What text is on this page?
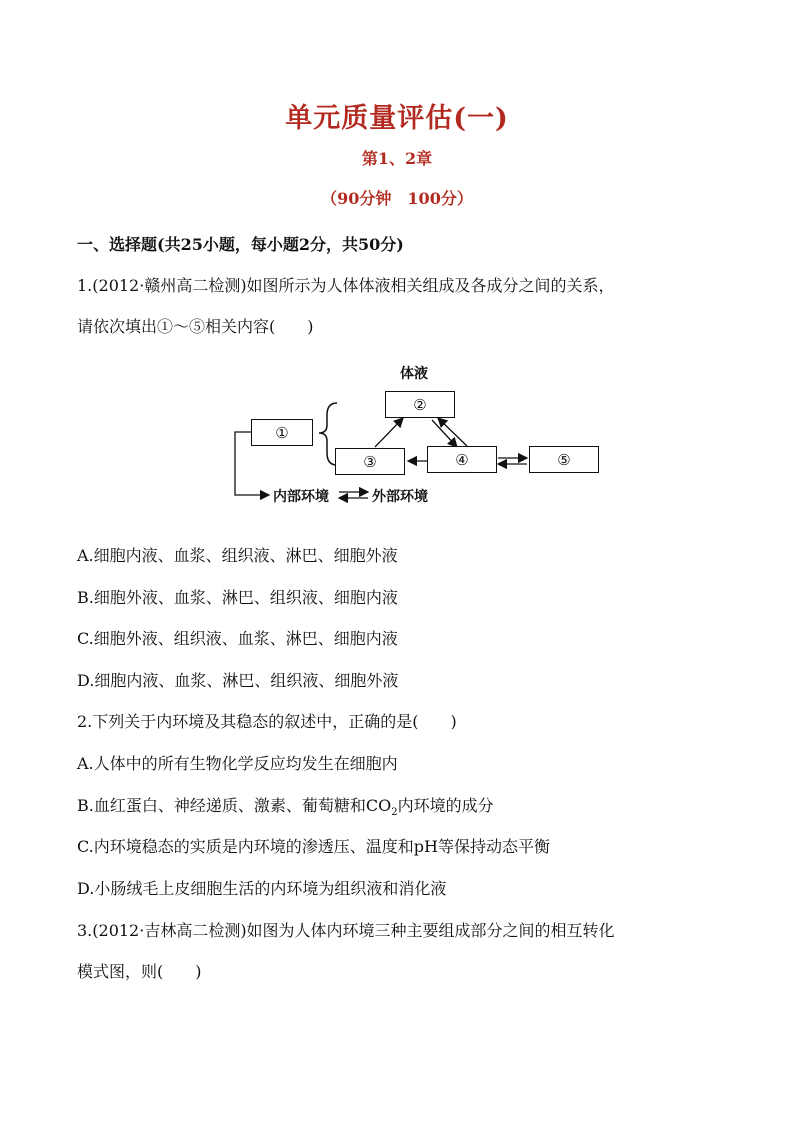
单元质量评估(一)
第1、2章
（90分钟　100分）
一、选择题(共25小题，每小题2分，共50分)
1.(2012·赣州高二检测)如图所示为人体体液相关组成及各成分之间的关系，
请依次填出①～⑤相关内容(　　)
体液
①
②
③	④	⑤
内部环境	外部环境
A.细胞内液、血浆、组织液、淋巴、细胞外液
B.细胞外液、血浆、淋巴、组织液、细胞内液
C.细胞外液、组织液、血浆、淋巴、细胞内液
D.细胞内液、血浆、淋巴、组织液、细胞外液
2.下列关于内环境及其稳态的叙述中，正确的是(　　)
A.人体中的所有生物化学反应均发生在细胞内
B.血红蛋白、神经递质、激素、葡萄糖和$CO_2$内环境的成分
C.内环境稳态的实质是内环境的渗透压、温度和pH等保持动态平衡
D.小肠绒毛上皮细胞生活的内环境为组织液和消化液
3.(2012·吉林高二检测)如图为人体内环境三种主要组成部分之间的相互转化
模式图，则(　　)
